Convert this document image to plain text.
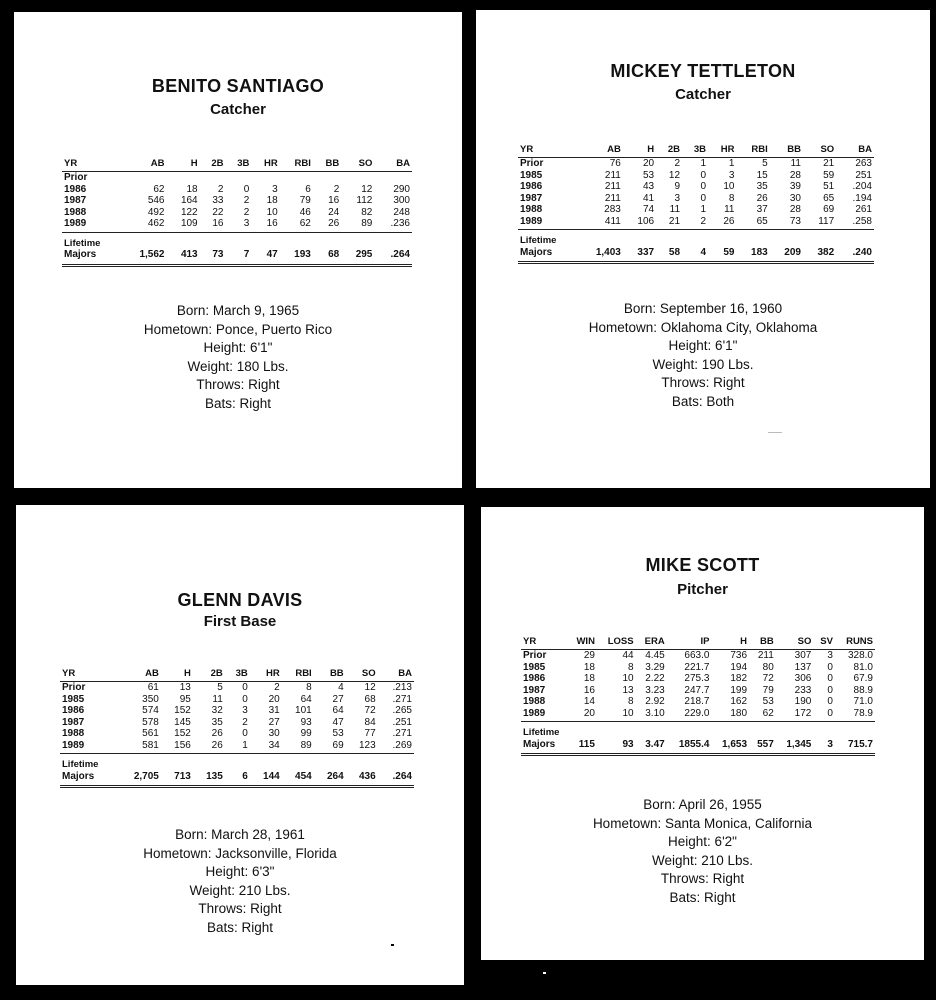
BENITO SANTIAGO
Catcher
YR	AB	H	2B	3B	HR	RBI	BB	SO	BA
Prior									
1986	62	18	2	0	3	6	2	12	290
1987	546	164	33	2	18	79	16	112	300
1988	492	122	22	2	10	46	24	82	248
1989	462	109	16	3	16	62	26	89	.236
Lifetime									
Majors	1,562	413	73	7	47	193	68	295	.264
Born: March 9, 1965
Hometown: Ponce, Puerto Rico
Height: 6'1"
Weight: 180 Lbs.
Throws: Right
Bats: Right
MICKEY TETTLETON
Catcher
YR	AB	H	2B	3B	HR	RBI	BB	SO	BA
Prior	76	20	2	1	1	5	11	21	263
1985	211	53	12	0	3	15	28	59	251
1986	211	43	9	0	10	35	39	51	.204
1987	211	41	3	0	8	26	30	65	.194
1988	283	74	11	1	11	37	28	69	261
1989	411	106	21	2	26	65	73	117	.258
Lifetime									
Majors	1,403	337	58	4	59	183	209	382	.240
Born: September 16, 1960
Hometown: Oklahoma City, Oklahoma
Height: 6'1"
Weight: 190 Lbs.
Throws: Right
Bats: Both
GLENN DAVIS
First Base
YR	AB	H	2B	3B	HR	RBI	BB	SO	BA
Prior	61	13	5	0	2	8	4	12	.213
1985	350	95	11	0	20	64	27	68	.271
1986	574	152	32	3	31	101	64	72	.265
1987	578	145	35	2	27	93	47	84	.251
1988	561	152	26	0	30	99	53	77	.271
1989	581	156	26	1	34	89	69	123	.269
Lifetime									
Majors	2,705	713	135	6	144	454	264	436	.264
Born: March 28, 1961
Hometown: Jacksonville, Florida
Height: 6'3"
Weight: 210 Lbs.
Throws: Right
Bats: Right
MIKE SCOTT
Pitcher
YR	WIN	LOSS	ERA	IP	H	BB	SO	SV	RUNS
Prior	29	44	4.45	663.0	736	211	307	3	328.0
1985	18	8	3.29	221.7	194	80	137	0	81.0
1986	18	10	2.22	275.3	182	72	306	0	67.9
1987	16	13	3.23	247.7	199	79	233	0	88.9
1988	14	8	2.92	218.7	162	53	190	0	71.0
1989	20	10	3.10	229.0	180	62	172	0	78.9
Lifetime									
Majors	115	93	3.47	1855.4	1,653	557	1,345	3	715.7
Born: April 26, 1955
Hometown: Santa Monica, California
Height: 6'2"
Weight: 210 Lbs.
Throws: Right
Bats: Right
